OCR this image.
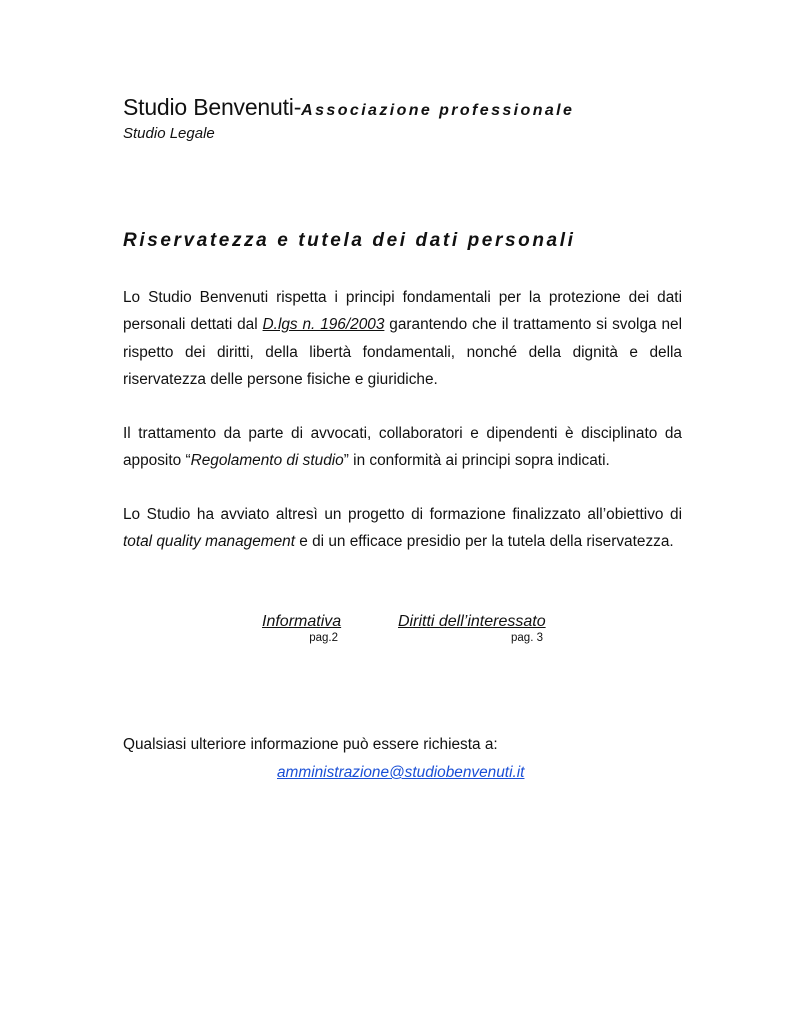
Studio Benvenuti-Associazione professionale
Studio Legale
Riservatezza e tutela dei dati personali
Lo Studio Benvenuti rispetta i principi fondamentali per la protezione dei dati personali dettati dal D.lgs n. 196/2003 garantendo che il trattamento si svolga nel rispetto dei diritti, della libertà fondamentali, nonché della dignità e della riservatezza delle persone fisiche e giuridiche.
Il trattamento da parte di avvocati, collaboratori e dipendenti è disciplinato da apposito “Regolamento di studio” in conformità ai principi sopra indicati.
Lo Studio ha avviato altresì un progetto di formazione finalizzato all’obiettivo di total quality management e di un efficace presidio per la tutela della riservatezza.
Informativa
pag.2
Diritti dell’interessato
pag. 3
Qualsiasi ulteriore informazione può essere richiesta a:
amministrazione@studiobenvenuti.it
